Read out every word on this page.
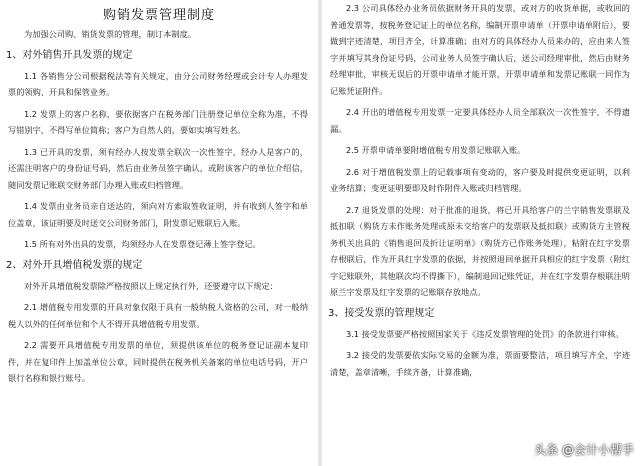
购销发票管理制度

为加强公司购、销货发票的管理，制订本制度。

1、对外销售开具发票的规定

1.1 各销售分公司根据税法等有关规定，由分公司财务经理或会计专人办理发票的领购、开具和保管业务。

1.2 发票上的客户名称，要依据客户在税务部门注册登记单位全称为准，不得写错别字，不得写单位简称；客户为自然人的，要如实填写姓名。

1.3 已开具的发票，须有经办人按发票全联次一次性签字，经办人是客户的，还需注明客户的身份证号码，然后由业务员签字确认，或附该客户的单位介绍信，随同发票记账联交财务部门办理入账或归档管理。

1.4 发票由业务员亲自送达的，须向对方索取签收证明，并有收到人签字和单位盖章，该证明要及时送交公司财务部门，附发票记账联后入账。

1.5 所有对外出具的发票，均须经办人在发票登记薄上签字登记。

2、对外开具增值税发票的规定

对外开具增值税发票除严格按照以上规定执行外，还要遵守以下规定：

2.1 增值税专用发票的开具对象仅限于具有一般纳税人资格的公司，对一般纳税人以外的任何单位和个人不得开具增值税专用发票。

2.2 需要开具增值税专用发票的单位，须提供该单位的税务登记证副本复印件，并在复印件上加盖单位公章，同时提供在税务机关备案的单位电话号码，开户银行名称和银行账号。

2.3 公司具体经办业务员依据财务开具的发票，或对方的收货单据，或收回的普通发票等，按税务登记证上的单位名称，编制开票申请单（开票申请单附后），要做到字迹清楚，项目齐全，计算准确；由对方的具体经办人员来办的，应由来人签字并填写其身份证号码，公司业务人员签字确认后，送公司经理审批，然后由财务经理审批，审核无误后的开票申请单才能开票，开票申请单和发票记账联一同作为记账凭证附件。

2.4 开出的增值税专用发票一定要具体经办人员全部联次一次性签字，不得遗漏。

2.5 开票申请单要附增值税专用发票记账联入账。

2.6 对于增值税发票上的记载事项有变动的，客户要及时提供变更证明，以利业务结算；变更证明要即及时作附件入账或归档管理。

2.7 退货发票的处理：对于批准的退货，将已开具给客户的兰字销售发票联及抵扣联（购货方未作账务处理或原未交给客户的发票联及抵扣联）或购货方主管税务机关出具的《销售退回及折让证明单》（购货方已作账务处理），粘附在红字发票存根联后，作为开具红字发票的依据，并按照退回单据开具相应的红字发票（附红字记账联外，其他联次均不得撕下），编制退回记账凭证，并在红字发票存根联注明原兰字发票及红字发票的记账联存放地点。

3、接受发票的管理规定

3.1 接受发票要严格按照国家关于《违反发票管理的处罚》的条款进行审核。

3.2 接受的发票要依实际交易的金额为准，票面要整洁，项目填写齐全，字迹清楚，盖章清晰，手续齐备，计算准确，

头条 @会计小帮手
